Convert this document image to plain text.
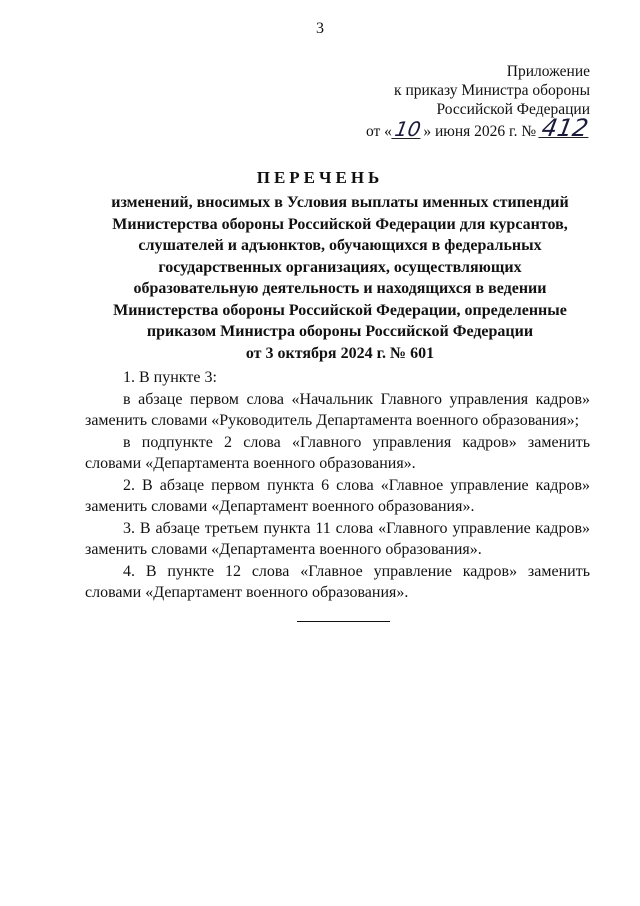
3
Приложение
к приказу Министра обороны
Российской Федерации
от « 10 » июня 2026 г. № 412
ПЕРЕЧЕНЬ
изменений, вносимых в Условия выплаты именных стипендий
Министерства обороны Российской Федерации для курсантов,
слушателей и адъюнктов, обучающихся в федеральных
государственных организациях, осуществляющих
образовательную деятельность и находящихся в ведении
Министерства обороны Российской Федерации, определенные
приказом Министра обороны Российской Федерации
от 3 октября 2024 г. № 601

1. В пункте 3:

в абзаце первом слова «Начальник Главного управления кадров» заменить словами «Руководитель Департамента военного образования»;

в подпункте 2 слова «Главного управления кадров» заменить словами «Департамента военного образования».

2. В абзаце первом пункта 6 слова «Главное управление кадров» заменить словами «Департамент военного образования».

3. В абзаце третьем пункта 11 слова «Главного управление кадров» заменить словами «Департамента военного образования».

4. В пункте 12 слова «Главное управление кадров» заменить словами «Департамент военного образования».
